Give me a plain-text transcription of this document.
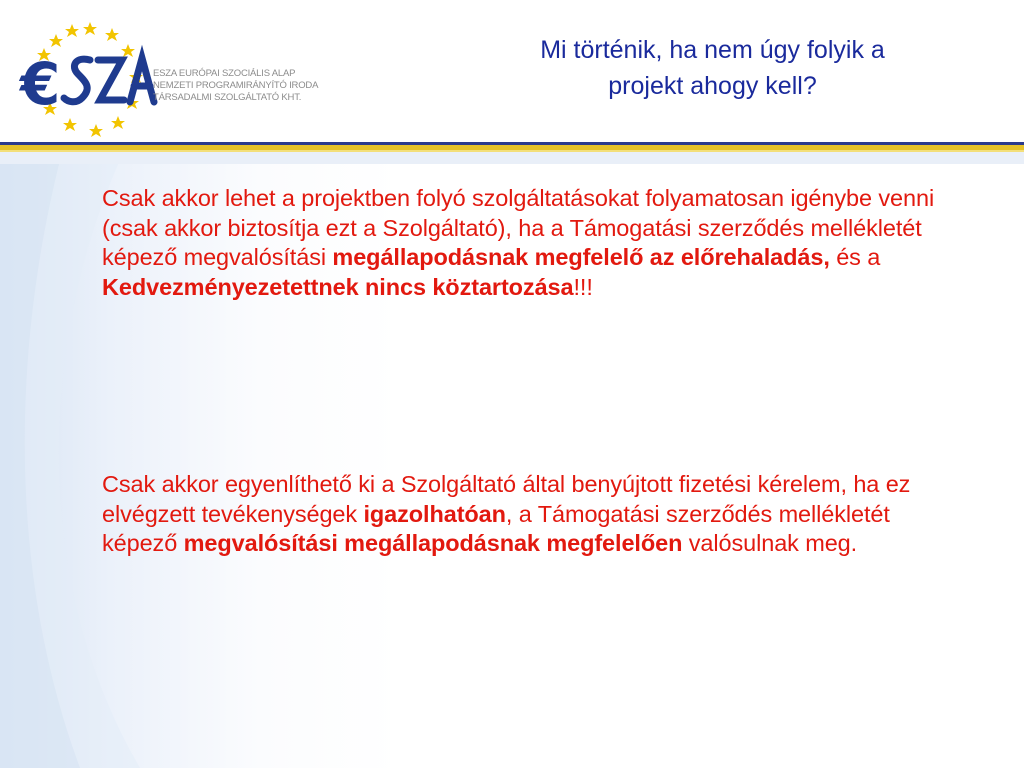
€	ESZA EURÓPAI SZOCIÁLIS ALAP
NEMZETI PROGRAMIRÁNYÍTÓ IRODA
TÁRSADALMI SZOLGÁLTATÓ KHT.
Mi történik, ha nem úgy folyik a
projekt ahogy kell?
Csak akkor lehet a projektben folyó szolgáltatásokat folyamatosan igénybe venni (csak akkor biztosítja ezt a Szolgáltató), ha a Támogatási szerződés mellékletét képező megvalósítási megállapodásnak megfelelő az előrehaladás, és a Kedvezményezetettnek nincs köztartozása!!!
Csak akkor egyenlíthető ki a Szolgáltató által benyújtott fizetési kérelem, ha ez elvégzett tevékenységek igazolhatóan, a Támogatási szerződés mellékletét képező megvalósítási megállapodásnak megfelelően valósulnak meg.
